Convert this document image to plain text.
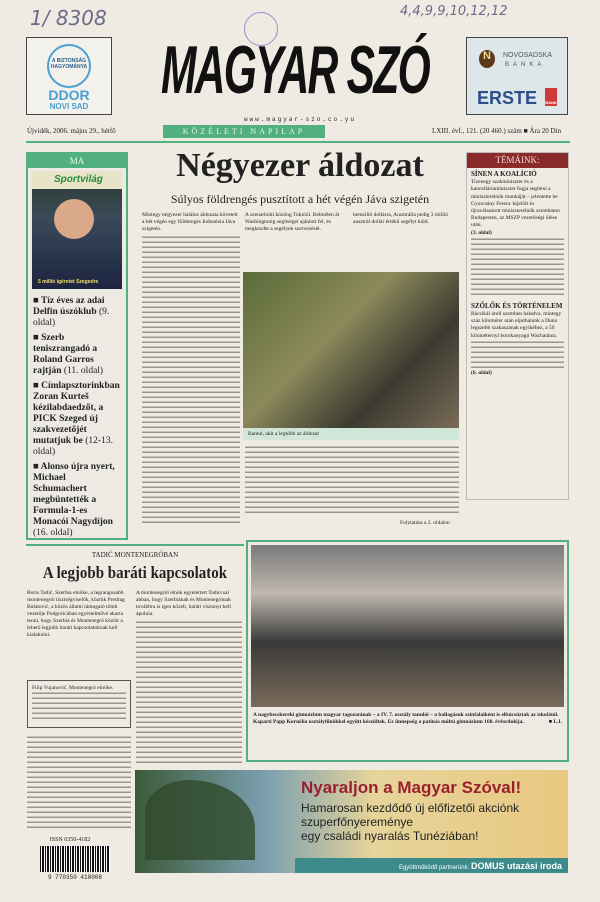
1/ 8308	4,4,9,9,10,12,12
A BIZTONSÁG HAGYOMÁNYA
DDOR
NOVI SAD	MAGYAR SZÓ
www.magyar-szo.co.yu
N	NOVOSADSKA
BANKA
ERSTE BANK
Újvidék, 2006. május 29., hétfő	KÖZÉLETI NAPILAP	LXIII. évf., 121. (20 460.) szám ■ Ára 20 Din
MA
Sportvilág
5 millió ígéretet Szegedre
■ Tíz éves az adai Delfin úszóklub (9. oldal)
■ Szerb teniszrangadó a Roland Garros rajtján (11. oldal)
■ Címlapsztorinkban Zoran Kurteš kézilabdaedzőt, a PICK Szeged új szakvezetőjét mutatjuk be (12-13. oldal)
■ Alonso újra nyert, Michael Schumachert megbüntették a Formula-1-es Monacói Nagydíjon (16. oldal)
Négyezer áldozat
Súlyos földrengés pusztított a hét végén Jáva szigetén

Mintegy négyezer halálos áldozata követelt a hét végén egy földrengés Indonézia Jáva szigetén.

A szenarkiúti közöng Tokióól. Belmélen át Washingtonig segítséget ajánlott fel, és megkezdte a segélyek szervezését.

hemziliő dollárra, Ausztrália pedig 3 millió ausztrál dollár értékű segélyt küld.

Bantul, akit a legtöbb az áldozat
Folytatása a 2. oldalon
TÉMÁINK:
SÍNEN A KOALÍCIÓ

Tizenegy szakminiszter és a kancelláriaminiszter fogja segíteni a miniszterelnök munkáját – jelentette be Gyurcsány Ferenc kijelölt és újraválasztott miniszterelnök szombaton Budapesten, az MSZP vezetőségi ülése után.

(3. oldal)
SZŐLŐK ÉS TÖRTÉNELEM

Bácsikál ároll szemben haladva, mintegy száz kilométer után eljuthatunk a Duna legszebb szakaszának egyikéhez, a 50 kilométernyi borokanyagú Wachauhoz.

(6. oldal)
TADIĆ MONTENEGRÓBAN
A legjobb baráti kapcsolatok

Boris Tadić, Szerbia elnöke, a legrangosabb montenegrói tisztségviselők, köztük Predrag Bulatović, a közös állami támogató tömb vezetője Podgoricában egyértelművé akarta tenni, hogy Szerbia és Montenegró között a lehető legjobb baráti kapcsolatoknak kell kialakulni.

Filip Vujanović, Montenegró elnöke.

A montenegrói elnök egyetértett Tadiccsal abban, hogy Szerbiának és Montenegrónak továbbra is igen közeli, baráti viszonyt kell ápolnia.

ISSN 0350-4182
9 770350 418008
A nagybecskereki gimnázium magyar tagozatának – a IV. 7. osztály tanulói – a ballagásuk színfalaiként is elbúcsúztak az iskolától. Kaparti Papp Kornélia osztályfőnökkel együtt készültek. Ez ünnepség a patinás múltú gimnázium 168. évfordulója.	■ L.I.
Nyaraljon a Magyar Szóval!
Hamarosan kezdődő új előfizetői akciónk
szuperfőnyereménye
egy családi nyaralás Tunéziában!
Együttműködő partnerünk: DOMUS utazási iroda
